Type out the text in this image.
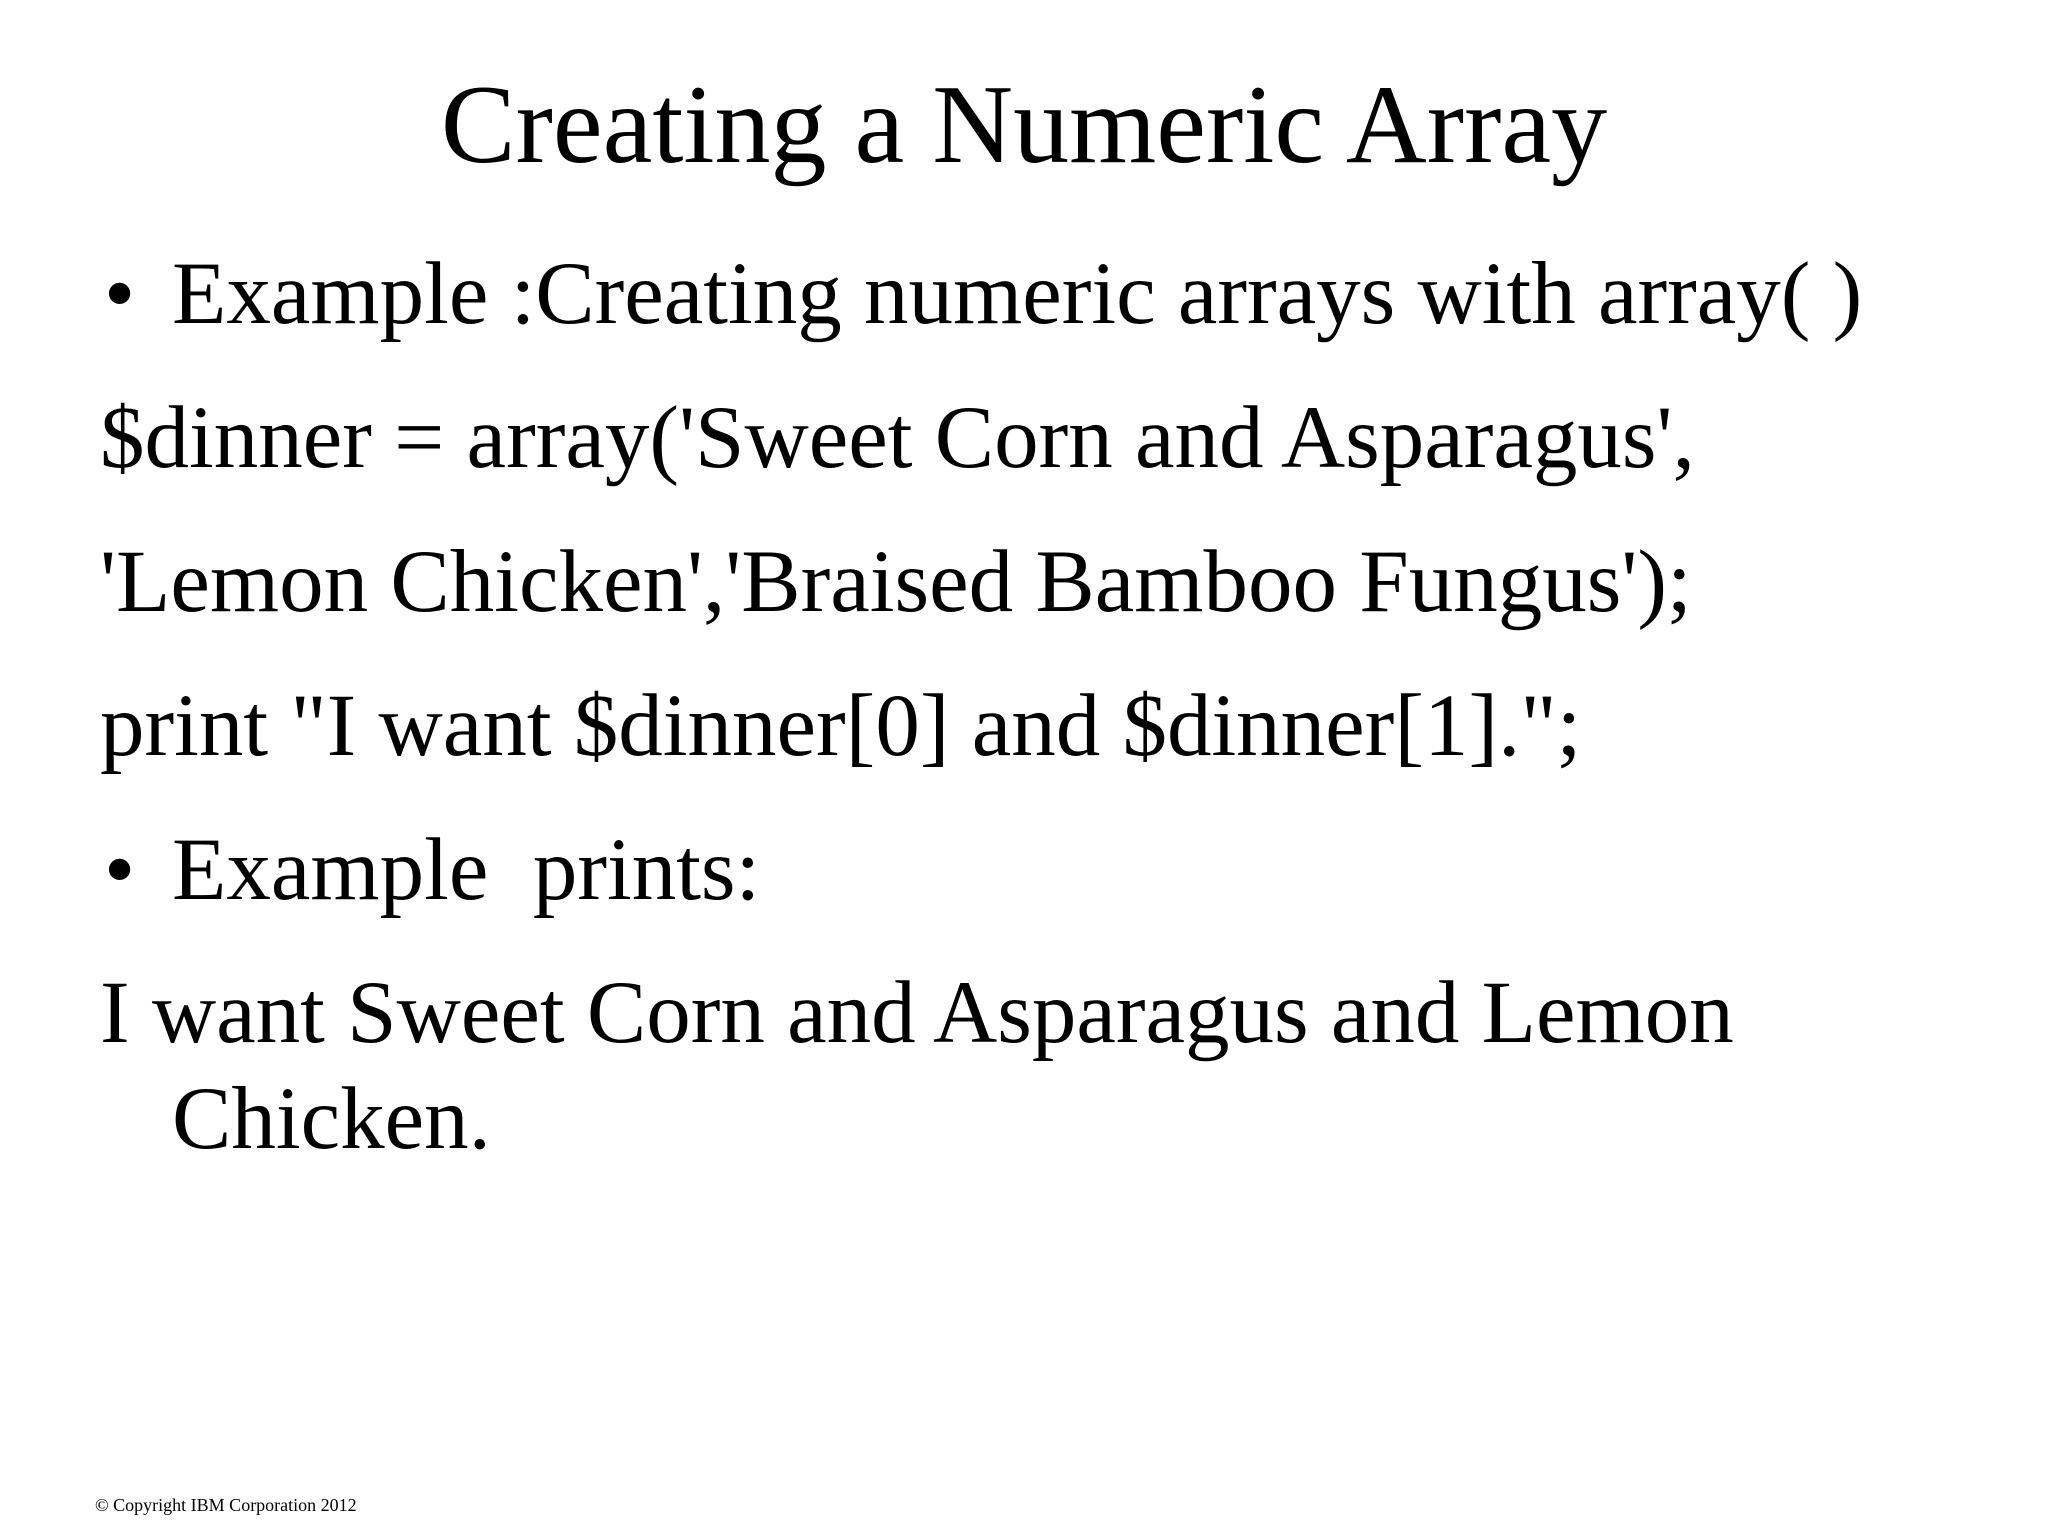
Creating a Numeric Array
• Example :Creating numeric arrays with array( )
$dinner = array('Sweet Corn and Asparagus',
'Lemon Chicken','Braised Bamboo Fungus');
print "I want $dinner[0] and $dinner[1].";
• Example  prints:
I want Sweet Corn and Asparagus and Lemon Chicken.
© Copyright IBM Corporation 2012
